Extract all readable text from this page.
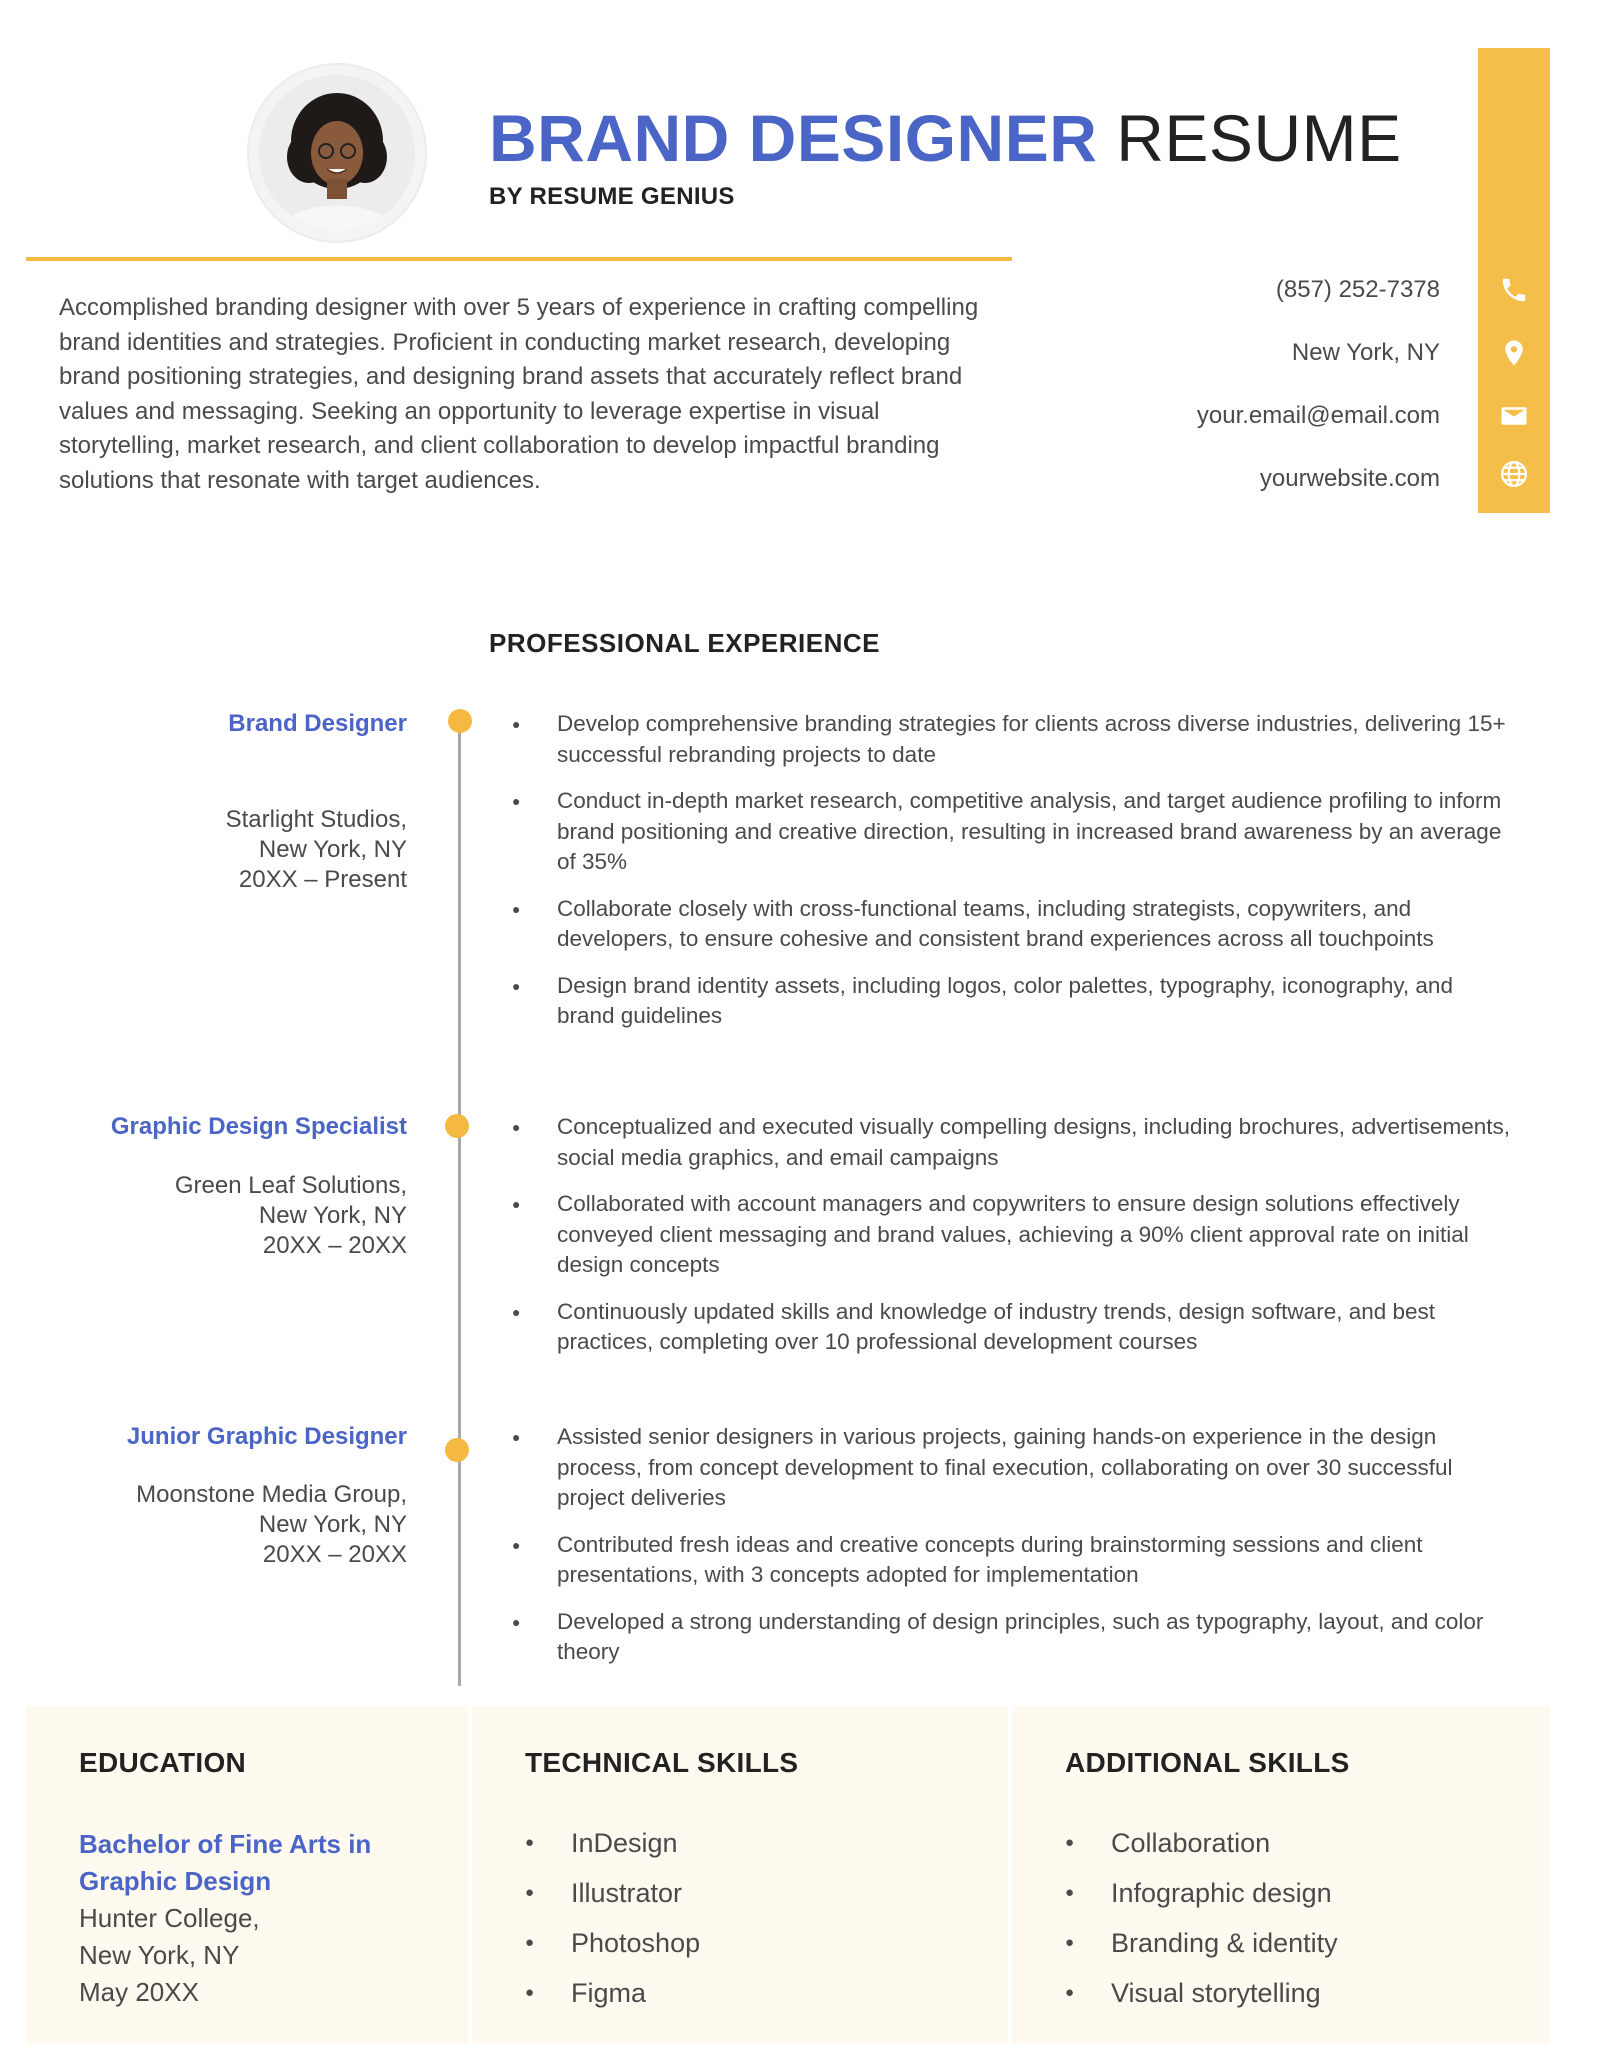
BRAND DESIGNER RESUME
BY RESUME GENIUS
Accomplished branding designer with over 5 years of experience in crafting compelling brand identities and strategies. Proficient in conducting market research, developing brand positioning strategies, and designing brand assets that accurately reflect brand values and messaging. Seeking an opportunity to leverage expertise in visual storytelling, market research, and client collaboration to develop impactful branding solutions that resonate with target audiences.
(857) 252-7378
New York, NY
your.email@email.com
yourwebsite.com
PROFESSIONAL EXPERIENCE
Brand Designer
Starlight Studios,
New York, NY
20XX – Present
● Develop comprehensive branding strategies for clients across diverse industries, delivering 15+ successful rebranding projects to date
● Conduct in-depth market research, competitive analysis, and target audience profiling to inform brand positioning and creative direction, resulting in increased brand awareness by an average of 35%
● Collaborate closely with cross-functional teams, including strategists, copywriters, and developers, to ensure cohesive and consistent brand experiences across all touchpoints
● Design brand identity assets, including logos, color palettes, typography, iconography, and brand guidelines
Graphic Design Specialist
Green Leaf Solutions,
New York, NY
20XX – 20XX
● Conceptualized and executed visually compelling designs, including brochures, advertisements, social media graphics, and email campaigns
● Collaborated with account managers and copywriters to ensure design solutions effectively conveyed client messaging and brand values, achieving a 90% client approval rate on initial design concepts
● Continuously updated skills and knowledge of industry trends, design software, and best practices, completing over 10 professional development courses
Junior Graphic Designer
Moonstone Media Group,
New York, NY
20XX – 20XX
● Assisted senior designers in various projects, gaining hands-on experience in the design process, from concept development to final execution, collaborating on over 30 successful project deliveries
● Contributed fresh ideas and creative concepts during brainstorming sessions and client presentations, with 3 concepts adopted for implementation
● Developed a strong understanding of design principles, such as typography, layout, and color theory
EDUCATION
Bachelor of Fine Arts in Graphic Design
Hunter College,
New York, NY
May 20XX
TECHNICAL SKILLS
● InDesign
● Illustrator
● Photoshop
● Figma
ADDITIONAL SKILLS
● Collaboration
● Infographic design
● Branding & identity
● Visual storytelling
